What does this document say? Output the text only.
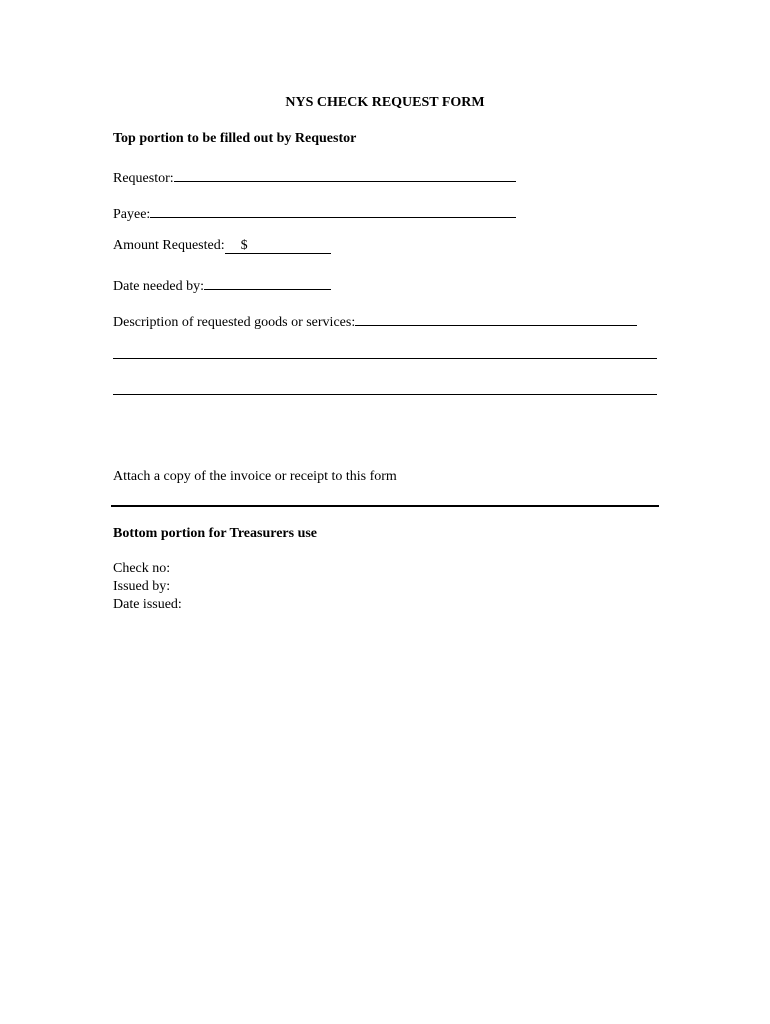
NYS CHECK REQUEST FORM
Top portion to be filled out by Requestor
Requestor:
Payee:
Amount Requested: $
Date needed by:
Description of requested goods or services:
Attach a copy of the invoice or receipt to this form
Bottom portion for Treasurers use
Check no:
Issued by:
Date issued:
